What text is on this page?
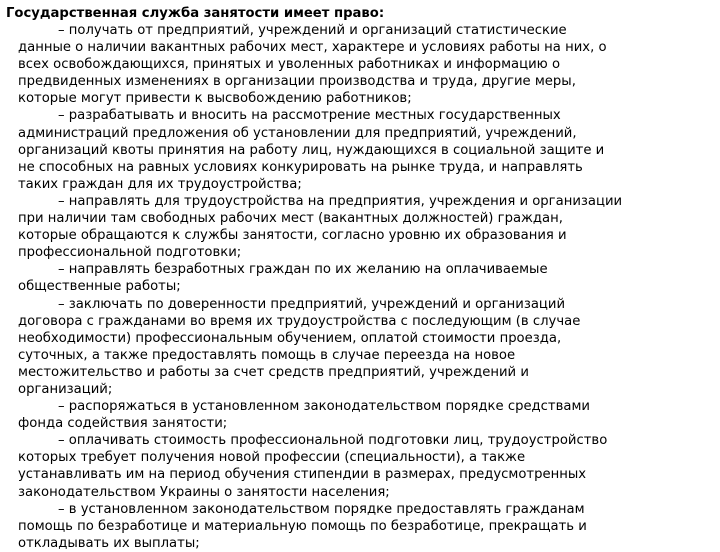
Государственная служба занятости имеет право:
– получать от предприятий, учреждений и организаций статистические
данные о наличии вакантных рабочих мест, характере и условиях работы на них, о
всех освобождающихся, принятых и уволенных работниках и информацию о
предвиденных изменениях в организации производства и труда, другие меры,
которые могут привести к высвобождению работников;
– разрабатывать и вносить на рассмотрение местных государственных
администраций предложения об установлении для предприятий, учреждений,
организаций квоты принятия на работу лиц, нуждающихся в социальной защите и
не способных на равных условиях конкурировать на рынке труда, и направлять
таких граждан для их трудоустройства;
– направлять для трудоустройства на предприятия, учреждения и организации
при наличии там свободных рабочих мест (вакантных должностей) граждан,
которые обращаются к службы занятости, согласно уровню их образования и
профессиональной подготовки;
– направлять безработных граждан по их желанию на оплачиваемые
общественные работы;
– заключать по доверенности предприятий, учреждений и организаций
договора с гражданами во время их трудоустройства с последующим (в случае
необходимости) профессиональным обучением, оплатой стоимости проезда,
суточных, а также предоставлять помощь в случае переезда на новое
местожительство и работы за счет средств предприятий, учреждений и
организаций;
– распоряжаться в установленном законодательством порядке средствами
фонда содействия занятости;
– оплачивать стоимость профессиональной подготовки лиц, трудоустройство
которых требует получения новой профессии (специальности), а также
устанавливать им на период обучения стипендии в размерах, предусмотренных
законодательством Украины о занятости населения;
– в установленном законодательством порядке предоставлять гражданам
помощь по безработице и материальную помощь по безработице, прекращать и
откладывать их выплаты;
